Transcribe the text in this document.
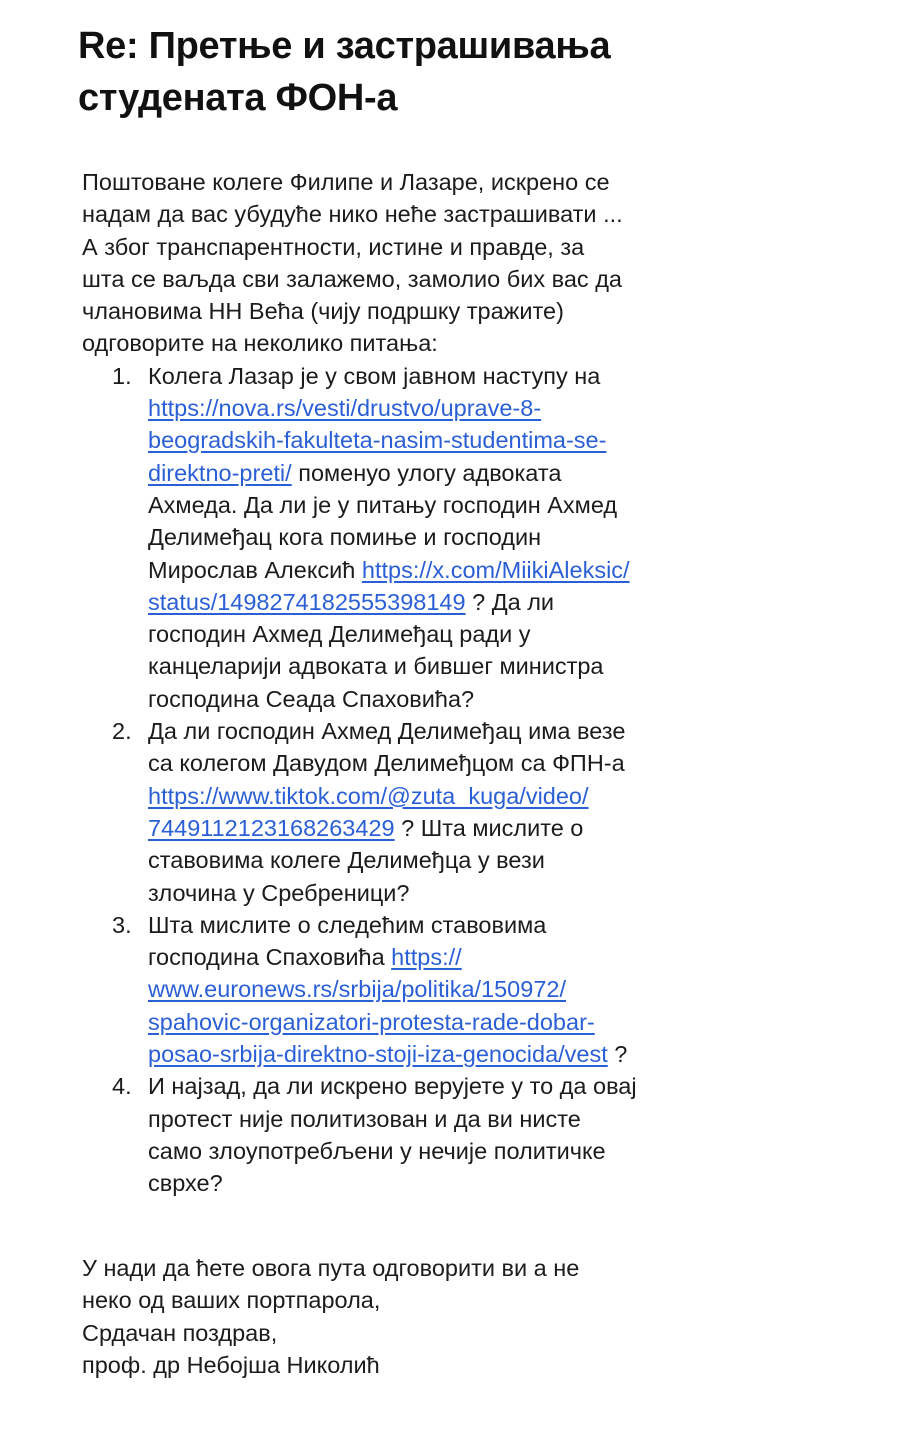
Re: Претње и застрашивања
студената ФОН-а
Поштоване колеге Филипе и Лазаре, искрено се
надам да вас убудуће нико неће застрашивати ...
А због транспарентности, истине и правде, за
шта се ваљда сви залажемо, замолио бих вас да
члановима НН Већа (чију подршку тражите)
одговорите на неколико питања:
1. Колега Лазар је у свом јавном наступу на
https://nova.rs/vesti/drustvo/uprave-8-
beogradskih-fakulteta-nasim-studentima-se-
direktno-preti/ поменуо улогу адвоката
Ахмеда. Да ли је у питању господин Ахмед
Делимеђац кога помиње и господин
Мирослав Алексић https://x.com/MiikiAleksic/
status/1498274182555398149 ? Да ли
господин Ахмед Делимеђац ради у
канцеларији адвоката и бившег министра
господина Сеада Спаховића?
2. Да ли господин Ахмед Делимеђац има везе
са колегом Давудом Делимеђцом са ФПН-а
https://www.tiktok.com/@zuta_kuga/video/
7449112123168263429 ? Шта мислите о
ставовима колеге Делимеђца у вези
злочина у Сребреници?
3. Шта мислите о следећим ставовима
господина Спаховића https://
www.euronews.rs/srbija/politika/150972/
spahovic-organizatori-protesta-rade-dobar-
posao-srbija-direktno-stoji-iza-genocida/vest ?
4. И најзад, да ли искрено верујете у то да овај
протест није политизован и да ви нисте
само злоупотребљени у нечије политичке
сврхе?
У нади да ћете овога пута одговорити ви а не
неко од ваших портпарола,
Срдачан поздрав,
проф. др Небојша Николић
